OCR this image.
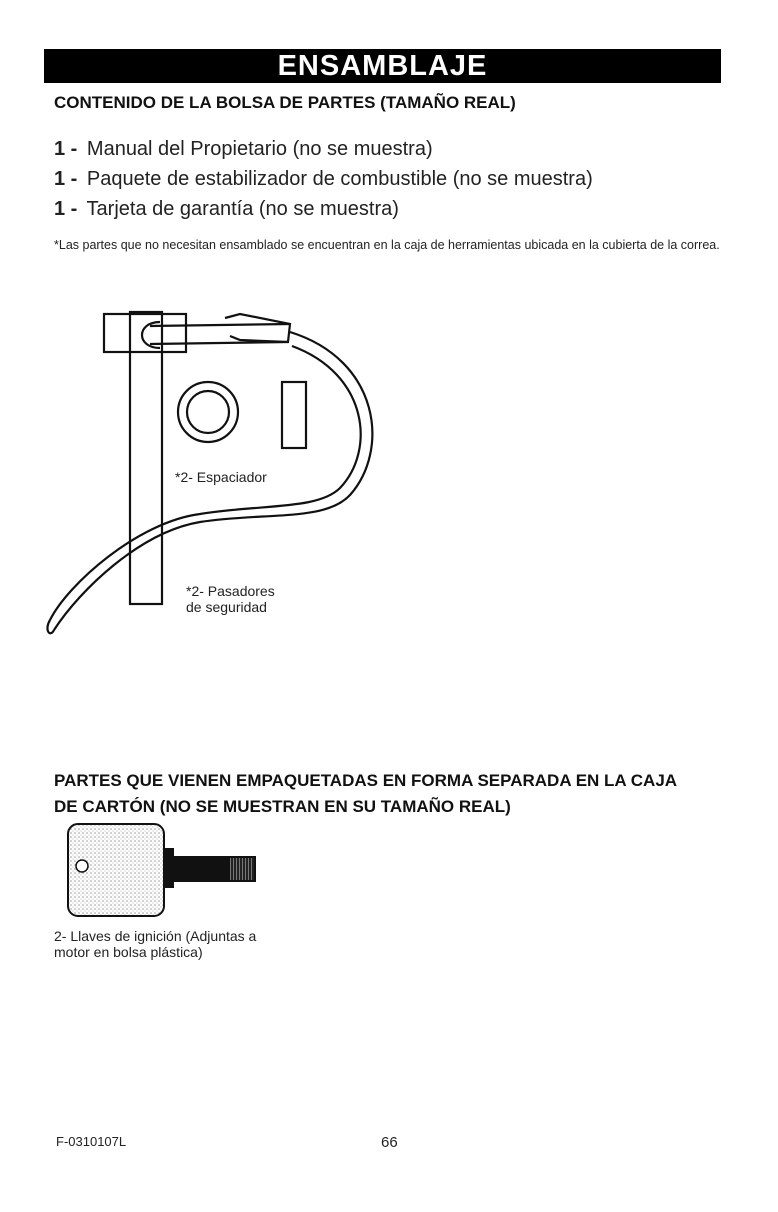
ENSAMBLAJE
CONTENIDO DE LA BOLSA DE PARTES (TAMAÑO REAL)
1 - Manual del Propietario (no se muestra)
1 - Paquete de estabilizador de combustible (no se muestra)
1 - Tarjeta de garantía (no se muestra)
*Las partes que no necesitan ensamblado se encuentran en la caja de herramientas ubicada en la cubierta de la correa.
*2- Espaciador
*2- Pasadores
de seguridad
PARTES QUE VIENEN EMPAQUETADAS EN FORMA SEPARADA EN LA CAJA
DE CARTÓN (NO SE MUESTRAN EN SU TAMAÑO REAL)
2- Llaves de ignición (Adjuntas a
motor en bolsa plástica)
F-0310107L	66
